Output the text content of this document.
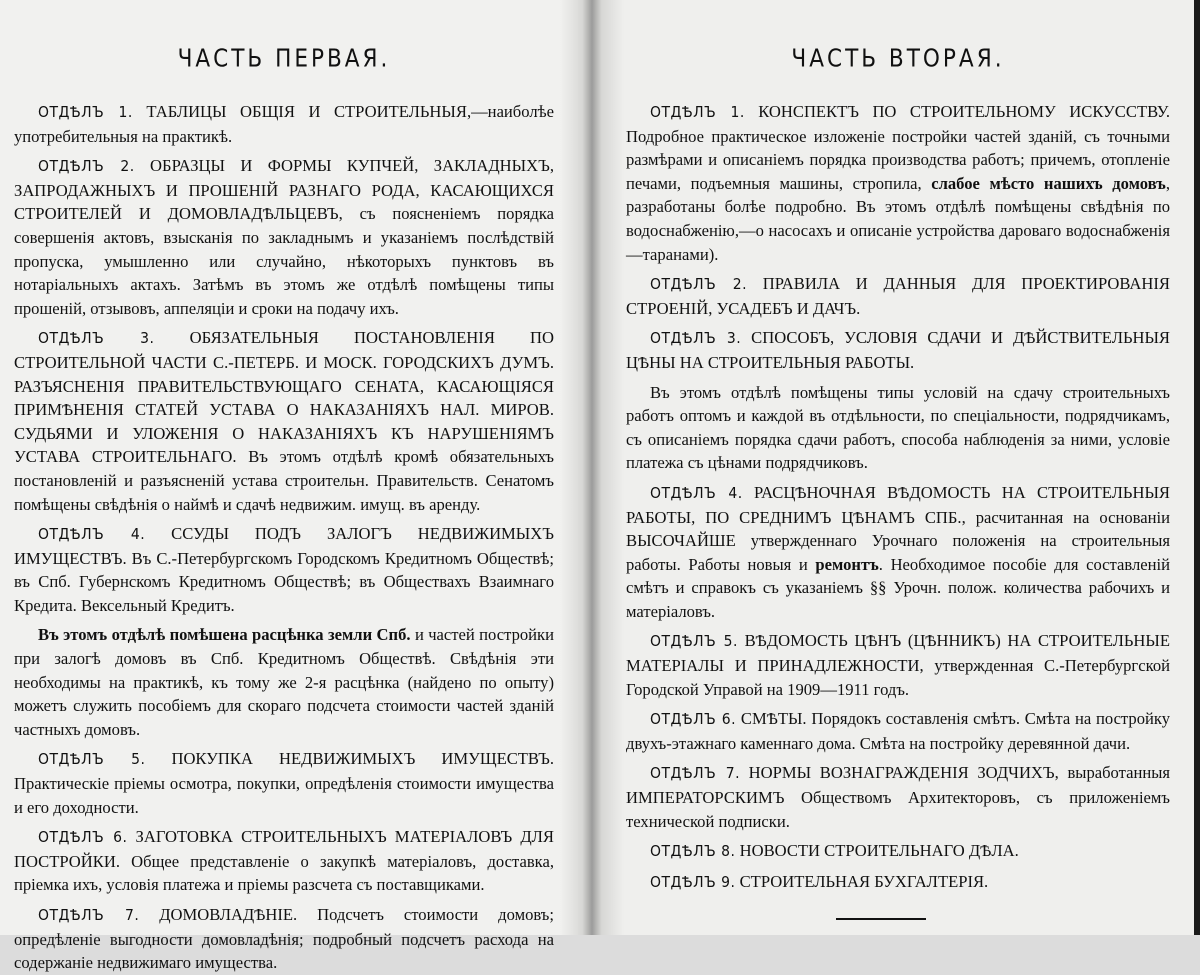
ЧАСТЬ ПЕРВАЯ.

ОТДѢЛЪ 1. ТАБЛИЦЫ ОБЩІЯ И СТРОИТЕЛЬНЫЯ,—наиболѣе употребительныя на практикѣ.

ОТДѢЛЪ 2. ОБРАЗЦЫ И ФОРМЫ КУПЧЕЙ, ЗАКЛАДНЫХЪ, ЗАПРОДАЖНЫХЪ И ПРОШЕНІЙ РАЗНАГО РОДА, КАСАЮЩИХСЯ СТРОИТЕЛЕЙ И ДОМОВЛАДѢЛЬЦЕВЪ, съ поясненіемъ порядка совершенія актовъ, взысканія по закладнымъ и указаніемъ послѣдствій пропуска, умышленно или случайно, нѣкоторыхъ пунктовъ въ нотаріальныхъ актахъ. Затѣмъ въ этомъ же отдѣлѣ помѣщены типы прошеній, отзывовъ, аппеляціи и сроки на подачу ихъ.

ОТДѢЛЪ 3. ОБЯЗАТЕЛЬНЫЯ ПОСТАНОВЛЕНІЯ ПО СТРОИТЕЛЬНОЙ ЧАСТИ С.-ПЕТЕРБ. И МОСК. ГОРОДСКИХЪ ДУМЪ. РАЗЪЯСНЕНІЯ ПРАВИТЕЛЬСТВУЮЩАГО СЕНАТА, КАСАЮЩІЯСЯ ПРИМѢНЕНІЯ СТАТЕЙ УСТАВА О НАКАЗАНІЯХЪ НАЛ. МИРОВ. СУДЬЯМИ И УЛОЖЕНІЯ О НАКАЗАНІЯХЪ КЪ НАРУШЕНІЯМЪ УСТАВА СТРОИТЕЛЬНАГО. Въ этомъ отдѣлѣ кромѣ обязательныхъ постановленій и разъясненій устава строительн. Правительств. Сенатомъ помѣщены свѣдѣнія о наймѣ и сдачѣ недвижим. имущ. въ аренду.

ОТДѢЛЪ 4. ССУДЫ ПОДЪ ЗАЛОГЪ НЕДВИЖИМЫХЪ ИМУЩЕСТВЪ. Въ С.-Петербургскомъ Городскомъ Кредитномъ Обществѣ; въ Спб. Губернскомъ Кредитномъ Обществѣ; въ Обществахъ Взаимнаго Кредита. Вексельный Кредитъ.

Въ этомъ отдѣлѣ помѣшена расцѣнка земли Спб. и частей постройки при залогѣ домовъ въ Спб. Кредитномъ Обществѣ. Свѣдѣнія эти необходимы на практикѣ, къ тому же 2-я расцѣнка (найдено по опыту) можетъ служить пособіемъ для скораго подсчета стоимости частей зданій частныхъ домовъ.

ОТДѢЛЪ 5. ПОКУПКА НЕДВИЖИМЫХЪ ИМУЩЕСТВЪ. Практическіе пріемы осмотра, покупки, опредѣленія стоимости имущества и его доходности.

ОТДѢЛЪ 6. ЗАГОТОВКА СТРОИТЕЛЬНЫХЪ МАТЕРІАЛОВЪ ДЛЯ ПОСТРОЙКИ. Общее представленіе о закупкѣ матеріаловъ, доставка, пріемка ихъ, условія платежа и пріемы разсчета съ поставщиками.

ОТДѢЛЪ 7. ДОМОВЛАДѢНІЕ. Подсчетъ стоимости домовъ; опредѣленіе выгодности домовладѣнія; подробный подсчетъ расхода на содержаніе недвижимаго имущества.

ЧАСТЬ ВТОРАЯ.

ОТДѢЛЪ 1. КОНСПЕКТЪ ПО СТРОИТЕЛЬНОМУ ИСКУССТВУ. Подробное практическое изложеніе постройки частей зданій, съ точными размѣрами и описаніемъ порядка производства работъ; причемъ, отопленіе печами, подъемныя машины, стропила, слабое мѣсто нашихъ домовъ, разработаны болѣе подробно. Въ этомъ отдѣлѣ помѣщены свѣдѣнія по водоснабженію,—о насосахъ и описаніе устройства дароваго водоснабженія—таранами).

ОТДѢЛЪ 2. ПРАВИЛА И ДАННЫЯ ДЛЯ ПРОЕКТИРОВАНІЯ СТРОЕНІЙ, УСАДЕБЪ И ДАЧЪ.

ОТДѢЛЪ 3. СПОСОБЪ, УСЛОВІЯ СДАЧИ И ДѢЙСТВИТЕЛЬНЫЯ ЦѢНЫ НА СТРОИТЕЛЬНЫЯ РАБОТЫ.

Въ этомъ отдѣлѣ помѣщены типы условій на сдачу строительныхъ работъ оптомъ и каждой въ отдѣльности, по спеціальности, подрядчикамъ, съ описаніемъ порядка сдачи работъ, способа наблюденія за ними, условіе платежа съ цѣнами подрядчиковъ.

ОТДѢЛЪ 4. РАСЦѢНОЧНАЯ ВѢДОМОСТЬ НА СТРОИТЕЛЬНЫЯ РАБОТЫ, ПО СРЕДНИМЪ ЦѢНАМЪ СПБ., расчитанная на основаніи ВЫСОЧАЙШЕ утвержденнаго Урочнаго положенія на строительныя работы. Работы новыя и ремонтъ. Необходимое пособіе для составленій смѣтъ и справокъ съ указаніемъ §§ Урочн. полож. количества рабочихъ и матеріаловъ.

ОТДѢЛЪ 5. ВѢДОМОСТЬ ЦѢНЪ (ЦѢННИКЪ) НА СТРОИТЕЛЬНЫЕ МАТЕРІАЛЫ И ПРИНАДЛЕЖНОСТИ, утвержденная С.-Петербургской Городской Управой на 1909—1911 годъ.

ОТДѢЛЪ 6. СМѢТЫ. Порядокъ составленія смѣтъ. Смѣта на постройку двухъ-этажнаго каменнаго дома. Смѣта на постройку деревянной дачи.

ОТДѢЛЪ 7. НОРМЫ ВОЗНАГРАЖДЕНІЯ ЗОДЧИХЪ, выработанныя ИМПЕРАТОРСКИМЪ Обществомъ Архитекторовъ, съ приложеніемъ технической подписки.

ОТДѢЛЪ 8. НОВОСТИ СТРОИТЕЛЬНАГО ДѢЛА.

ОТДѢЛЪ 9. СТРОИТЕЛЬНАЯ БУХГАЛТЕРІЯ.
